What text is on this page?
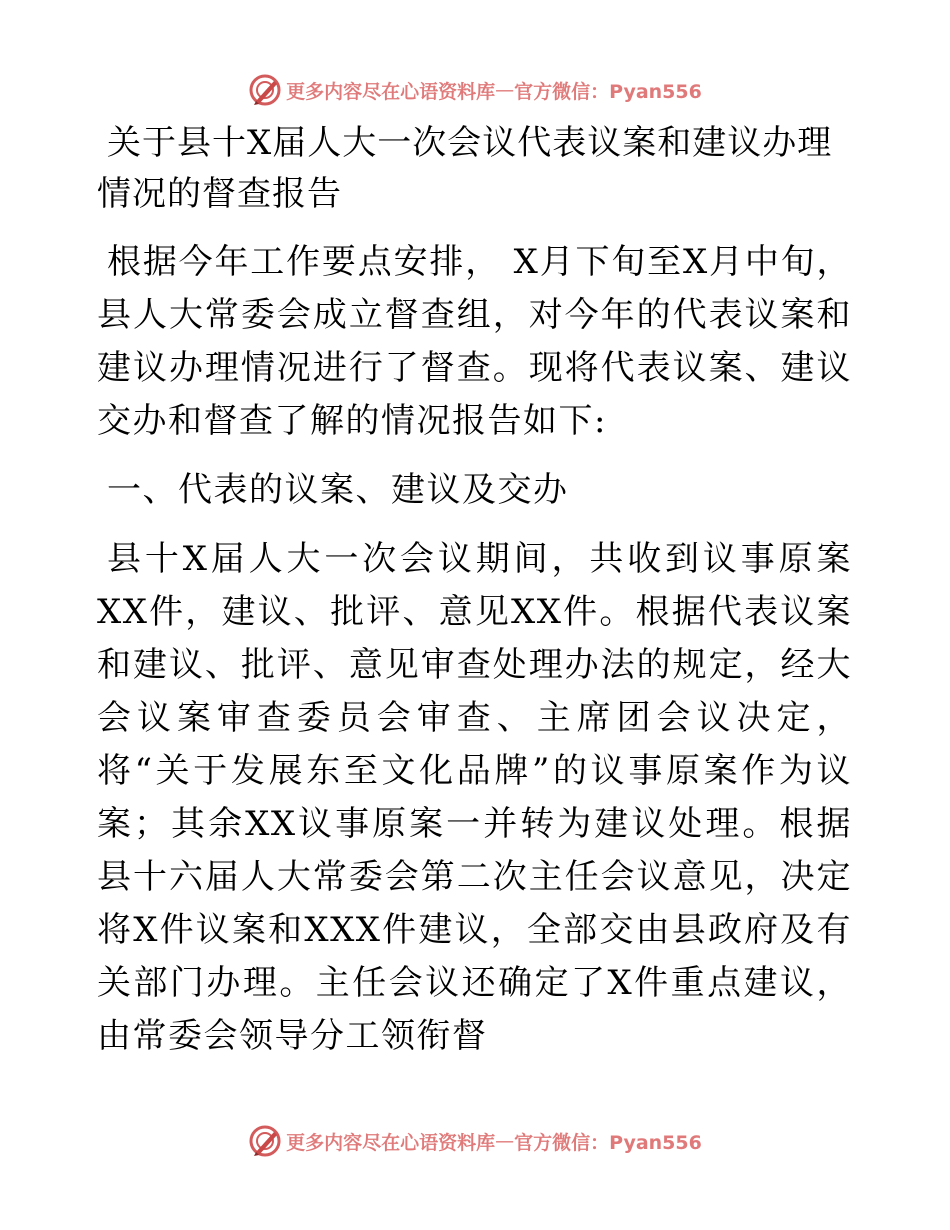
更多内容尽在心语资料库 — 官方微信：Pyan556
关于县十X届人大一次会议代表议案和建议办理
情况的督查报告

根据今年工作要点安排， X月下旬至X月中旬，县人大常委会成立督查组，对今年的代表议案和建议办理情况进行了督查。现将代表议案、建议交办和督查了解的情况报告如下:

一、代表的议案、建议及交办

县十X届人大一次会议期间，共收到议事原案XX件，建议、批评、意见XX件。根据代表议案和建议、批评、意见审查处理办法的规定，经大会议案审查委员会审查、主席团会议决定，将“关于发展东至文化品牌”的议事原案作为议案；其余XX议事原案一并转为建议处理。根据县十六届人大常委会第二次主任会议意见，决定将X件议案和XXX件建议，全部交由县政府及有关部门办理。主任会议还确定了X件重点建议，由常委会领导分工领衔督

更多内容尽在心语资料库 — 官方微信：Pyan556
